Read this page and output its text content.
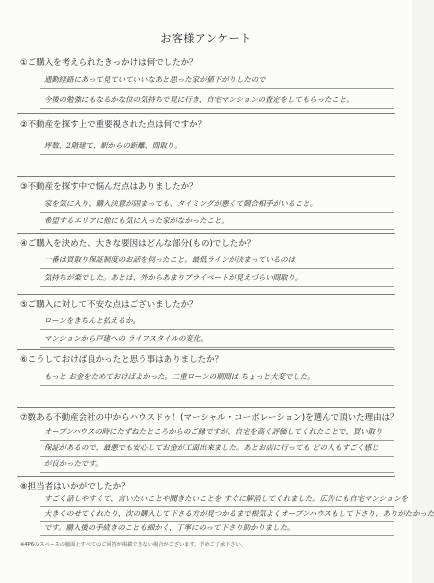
お客様アンケート
①ご購入を考えられたきっかけは何でしたか？
通勤経路にあって見ていていいなあと思った家が値下がりしたので
今後の勉強にもなるかな位の気持ちで見に行き、自宅マンションの査定をしてもらったこと。
②不動産を探す上で重要視された点は何ですか？
坪数、2階建て、駅からの距離、間取り。
③不動産を探す中で悩んだ点はありましたか？
家を気に入り、購入決意が固まっても、タイミングが悪くて競合相手がいること。
希望するエリアに他にも気に入った家がなかったこと。
④ご購入を決めた、大きな要因はどんな部分(もの)でしたか？
一番は買取り保証制度のお話を伺ったこと。最低ラインが決まっているのは
気持ちが楽でした。あとは、外からあまりプライベートが見えづらい間取り。
⑤ご購入に対して不安な点はございましたか？
ローンをきちんと払えるか。
マンションから戸建への ライフスタイルの変化。
⑥こうしておけば良かったと思う事はありましたか？
もっと お金をためておけばよかった。二重ローンの期間は ちょっと大変でした。
⑦数ある不動産会社の中からハウスドゥ！(マーシャル・コーポレーション)を選んで頂いた理由は？
オープンハウスの時にたずねたところからのご縁ですが、自宅を高く評価してくれたことで、買い取り
保証があるので、最悪でも安心してお金が工面出来ました。あとお店に行っても どの人もすごく感じ
が良かったです。
⑧担当者はいかがでしたか？
すごく話しやすくて、言いたいことや聞きたいことを すぐに解消してくれました。広告にも自宅マンションを
大きくのせてくれたり、次の購入して下さる方が見つかるまで根気よくオープンハウスもして下さり、ありがたかった
です。購入後の手続きのことも細かく、丁寧にのって下さり助かりました。
※4P6のスペースの臆面上すべてのご回答が掲載できない場合がございます。予めご了承下さい。
